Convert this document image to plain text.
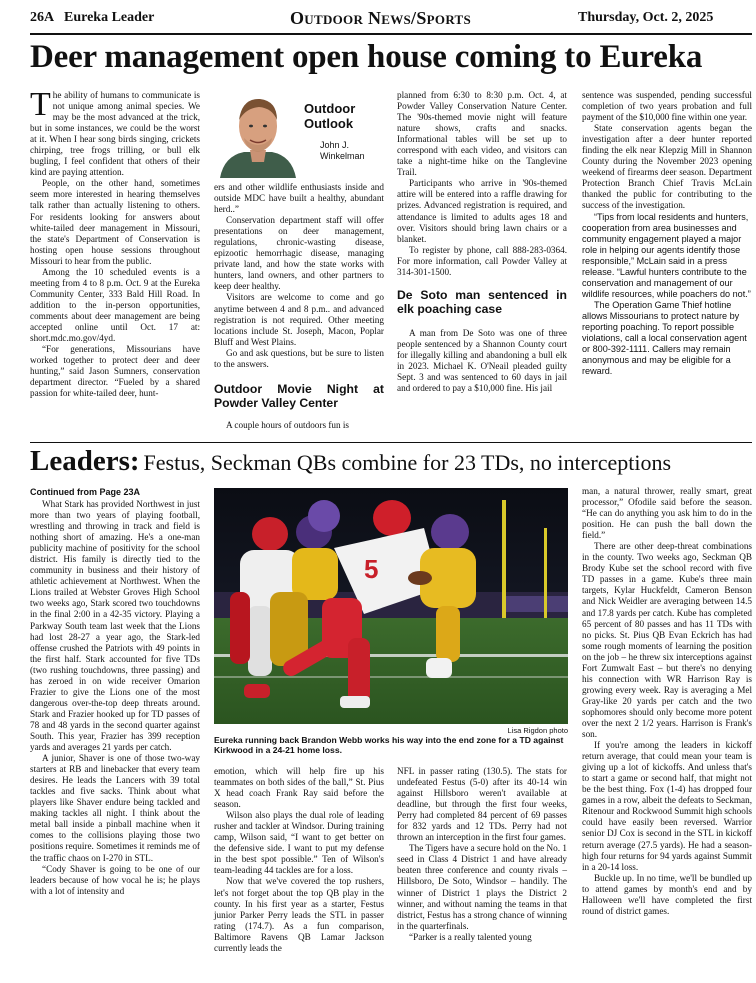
26A Eureka Leader	Outdoor News/Sports	Thursday, Oct. 2, 2025
Deer management open house coming to Eureka

The ability of humans to communicate is not unique among animal species. We may be the most advanced at the trick, but in some instances, we could be the worst at it. When I hear song birds singing, crickets chirping, tree frogs trilling, or bull elk bugling, I feel confident that others of their kind are paying attention.

People, on the other hand, sometimes seem more interested in hearing themselves talk rather than actually listening to others. For residents looking for answers about white-tailed deer management in Missouri, the state's Department of Conservation is hosting open house sessions throughout Missouri to hear from the public.

Among the 10 scheduled events is a meeting from 4 to 8 p.m. Oct. 9 at the Eureka Community Center, 333 Bald Hill Road. In addition to the in-person opportunities, comments about deer management are being accepted online until Oct. 17 at: short.mdc.mo.gov/4yd.

“For generations, Missourians have worked together to protect deer and deer hunting,” said Jason Sumners, conservation department director. “Fueled by a shared passion for white-tailed deer, hunt-

Outdoor
Outlook
John J.
Winkelman

ers and other wildlife enthusiasts inside and outside MDC have built a healthy, abundant herd..”

Conservation department staff will offer presentations on deer management, regulations, chronic-wasting disease, epizootic hemorrhagic disease, managing private land, and how the state works with hunters, land owners, and other partners to keep deer healthy.

Visitors are welcome to come and go anytime between 4 and 8 p.m.. and advanced registration is not required. Other meeting locations include St. Joseph, Macon, Poplar Bluff and West Plains.

Go and ask questions, but be sure to listen to the answers.

Outdoor Movie Night at Powder Valley Center

A couple hours of outdoors fun is

planned from 6:30 to 8:30 p.m. Oct. 4, at Powder Valley Conservation Nature Center. The '90s-themed movie night will feature nature shows, crafts and snacks. Informational tables will be set up to correspond with each video, and visitors can take a night-time hike on the Tanglevine Trail.

Participants who arrive in '90s-themed attire will be entered into a raffle drawing for prizes. Advanced registration is required, and attendance is limited to adults ages 18 and over. Visitors should bring lawn chairs or a blanket.

To register by phone, call 888-283-0364. For more information, call Powder Valley at 314-301-1500.

De Soto man sentenced in elk poaching case

A man from De Soto was one of three people sentenced by a Shannon County court for illegally killing and abandoning a bull elk in 2023. Michael K. O'Neail pleaded guilty Sept. 3 and was sentenced to 60 days in jail and ordered to pay a $10,000 fine. His jail

sentence was suspended, pending successful completion of two years probation and full payment of the $10,000 fine within one year.

State conservation agents began the investigation after a deer hunter reported finding the elk near Klepzig Mill in Shannon County during the November 2023 opening weekend of firearms deer season. Department Protection Branch Chief Travis McLain thanked the public for contributing to the success of the investigation.

“Tips from local residents and hunters, cooperation from area businesses and community engagement played a major role in helping our agents identify those responsible,” McLain said in a press release. “Lawful hunters contribute to the conservation and management of our wildlife resources, while poachers do not.”

The Operation Game Thief hotline allows Missourians to protect nature by reporting poaching. To report possible violations, call a local conservation agent or 800-392-1111. Callers may remain anonymous and may be eligible for a reward.

Leaders: Festus, Seckman QBs combine for 23 TDs, no interceptions
Continued from Page 23A

What Stark has provided Northwest in just more than two years of playing football, wrestling and throwing in track and field is nothing short of amazing. He's a one-man publicity machine of positivity for the school district. His family is directly tied to the community in business and their history of athletic achievement at Northwest. When the Lions trailed at Webster Groves High School two weeks ago, Stark scored two touchdowns in the final 2:00 in a 42-35 victory. Playing a Parkway South team last week that the Lions had lost 28-27 a year ago, the Stark-led offense crushed the Patriots with 49 points in the first half. Stark accounted for five TDs (two rushing touchdowns, three passing) and has zeroed in on wide receiver Omarion Frazier to give the Lions one of the most dangerous over-the-top deep threats around. Stark and Frazier hooked up for TD passes of 78 and 48 yards in the second quarter against South. This year, Frazier has 399 reception yards and averages 21 yards per catch.

A junior, Shaver is one of those two-way starters at RB and linebacker that every team desires. He leads the Lancers with 39 total tackles and five sacks. Think about what players like Shaver endure being tackled and making tackles all night. I think about the metal ball inside a pinball machine when it comes to the collisions playing those two positions require. Sometimes it reminds me of the traffic chaos on I-270 in STL.

“Cody Shaver is going to be one of our leaders because of how vocal he is; he plays with a lot of intensity and

5
Lisa Rigdon photo
Eureka running back Brandon Webb works his way into the end zone for a TD against Kirkwood in a 24-21 home loss.

emotion, which will help fire up his teammates on both sides of the ball,” St. Pius X head coach Frank Ray said before the season.

Wilson also plays the dual role of leading rusher and tackler at Windsor. During training camp, Wilson said, “I want to get better on the defensive side. I want to put my defense in the best spot possible.” Ten of Wilson's team-leading 44 tackles are for a loss.

Now that we've covered the top rushers, let's not forget about the top QB play in the county. In his first year as a starter, Festus junior Parker Perry leads the STL in passer rating (174.7). As a fun comparison, Baltimore Ravens QB Lamar Jackson currently leads the

NFL in passer rating (130.5). The stats for undefeated Festus (5-0) after its 40-14 win against Hillsboro weren't available at deadline, but through the first four weeks, Perry had completed 84 percent of 69 passes for 832 yards and 12 TDs. Perry had not thrown an interception in the first four games.

The Tigers have a secure hold on the No. 1 seed in Class 4 District 1 and have already beaten three conference and county rivals – Hillsboro, De Soto, Windsor – handily. The winner of District 1 plays the District 2 winner, and without naming the teams in that district, Festus has a strong chance of winning in the quarterfinals.

“Parker is a really talented young

man, a natural thrower, really smart, great processor,” Ofodile said before the season. “He can do anything you ask him to do in the position. He can push the ball down the field.”

There are other deep-threat combinations in the county. Two weeks ago, Seckman QB Brody Kube set the school record with five TD passes in a game. Kube's three main targets, Kylar Huckfeldt, Cameron Benson and Nick Weidler are averaging between 14.5 and 17.8 yards per catch. Kube has completed 65 percent of 80 passes and has 11 TDs with no picks. St. Pius QB Evan Eckrich has had some rough moments of learning the position on the job – he threw six interceptions against Fort Zumwalt East – but there's no denying his connection with WR Harrison Ray is growing every week. Ray is averaging a Mel Gray-like 20 yards per catch and the two sophomores should only become more potent over the next 2 1/2 years. Harrison is Frank's son.

If you're among the leaders in kickoff return average, that could mean your team is giving up a lot of kickoffs. And unless that's to start a game or second half, that might not be the best thing. Fox (1-4) has dropped four games in a row, albeit the defeats to Seckman, Ritenour and Rockwood Summit high schools could have easily been reversed. Warrior senior DJ Cox is second in the STL in kickoff return average (27.5 yards). He had a season-high four returns for 94 yards against Summit in a 20-14 loss.

Buckle up. In no time, we'll be bundled up to attend games by month's end and by Halloween we'll have completed the first round of district games.
